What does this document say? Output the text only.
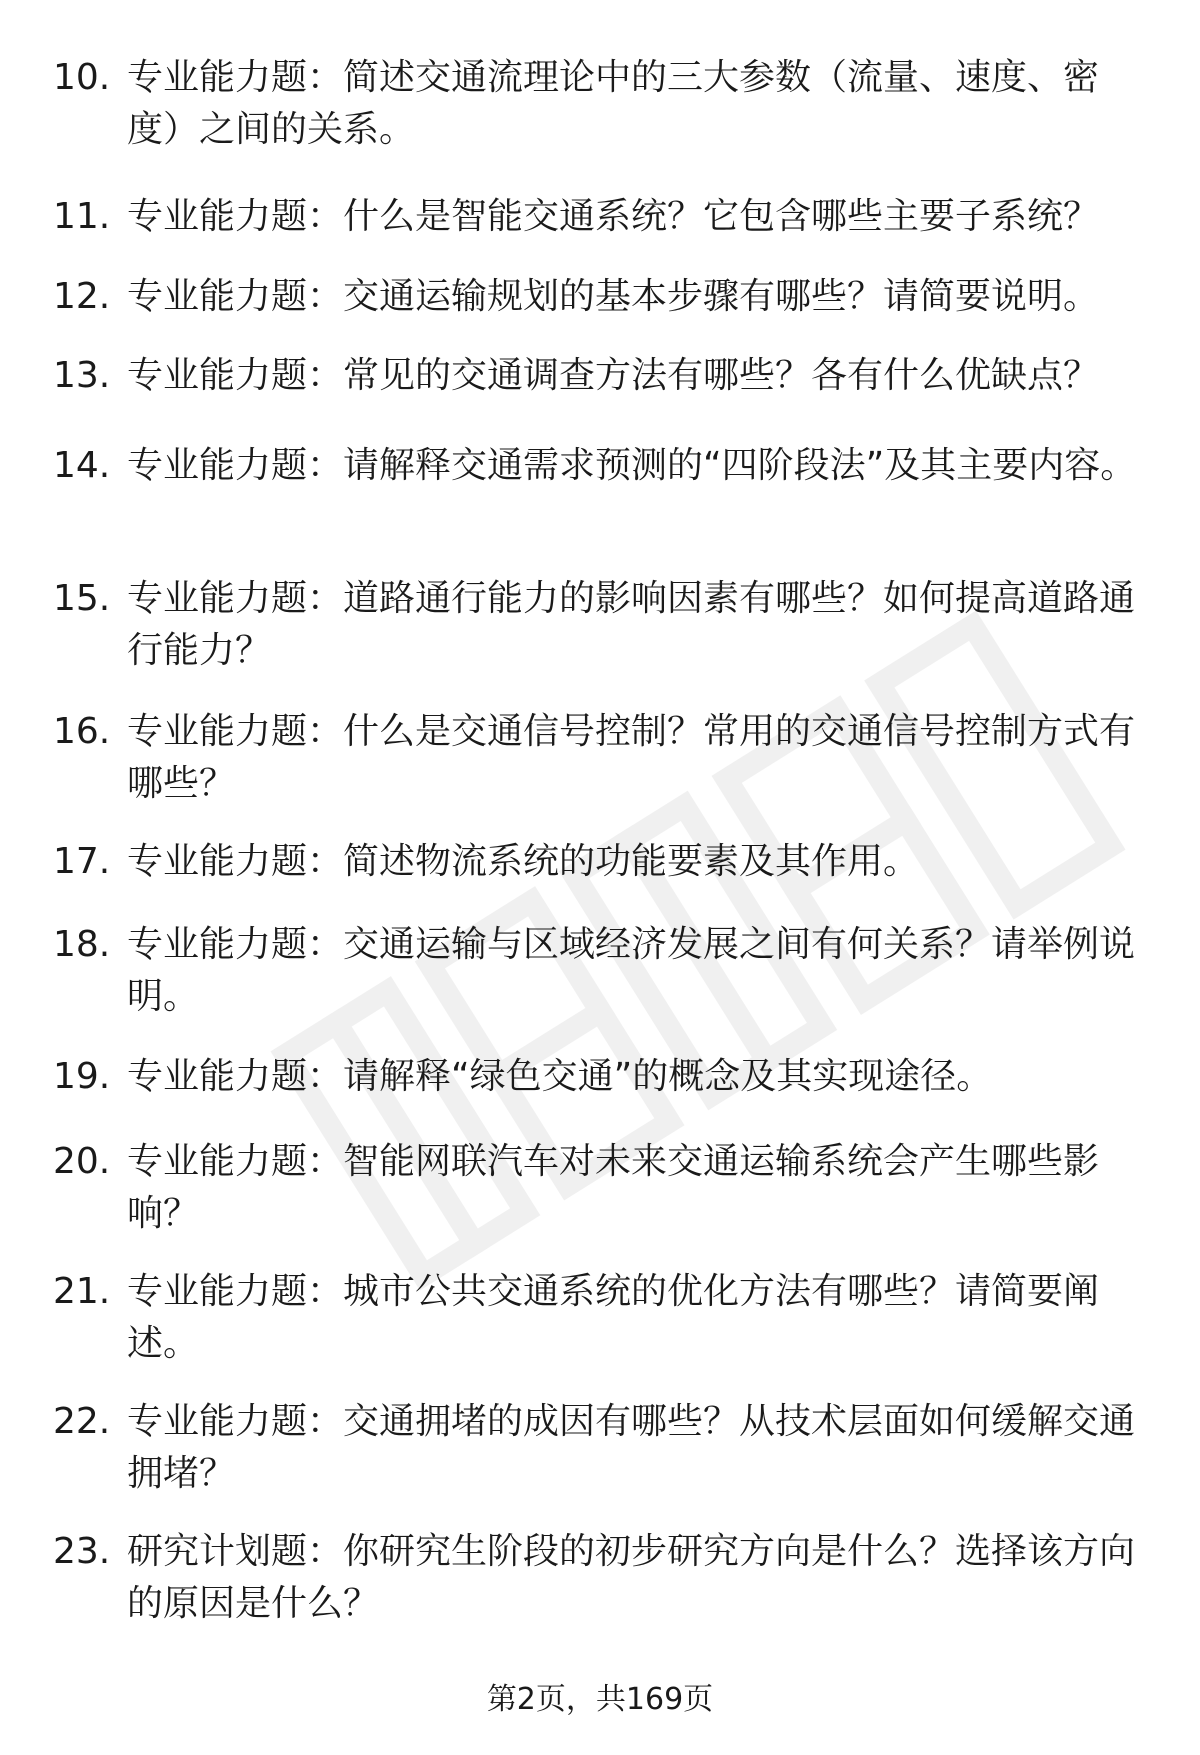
10. 专业能力题：简述交通流理论中的三大参数（流量、速度、密度）之间的关系。
11. 专业能力题：什么是智能交通系统？它包含哪些主要子系统？
12. 专业能力题：交通运输规划的基本步骤有哪些？请简要说明。
13. 专业能力题：常见的交通调查方法有哪些？各有什么优缺点？
14. 专业能力题：请解释交通需求预测的“四阶段法”及其主要内容。
15. 专业能力题：道路通行能力的影响因素有哪些？如何提高道路通行能力？
16. 专业能力题：什么是交通信号控制？常用的交通信号控制方式有哪些？
17. 专业能力题：简述物流系统的功能要素及其作用。
18. 专业能力题：交通运输与区域经济发展之间有何关系？请举例说明。
19. 专业能力题：请解释“绿色交通”的概念及其实现途径。
20. 专业能力题：智能网联汽车对未来交通运输系统会产生哪些影响？
21. 专业能力题：城市公共交通系统的优化方法有哪些？请简要阐述。
22. 专业能力题：交通拥堵的成因有哪些？从技术层面如何缓解交通拥堵？
23. 研究计划题：你研究生阶段的初步研究方向是什么？选择该方向的原因是什么？
第2页，共169页
